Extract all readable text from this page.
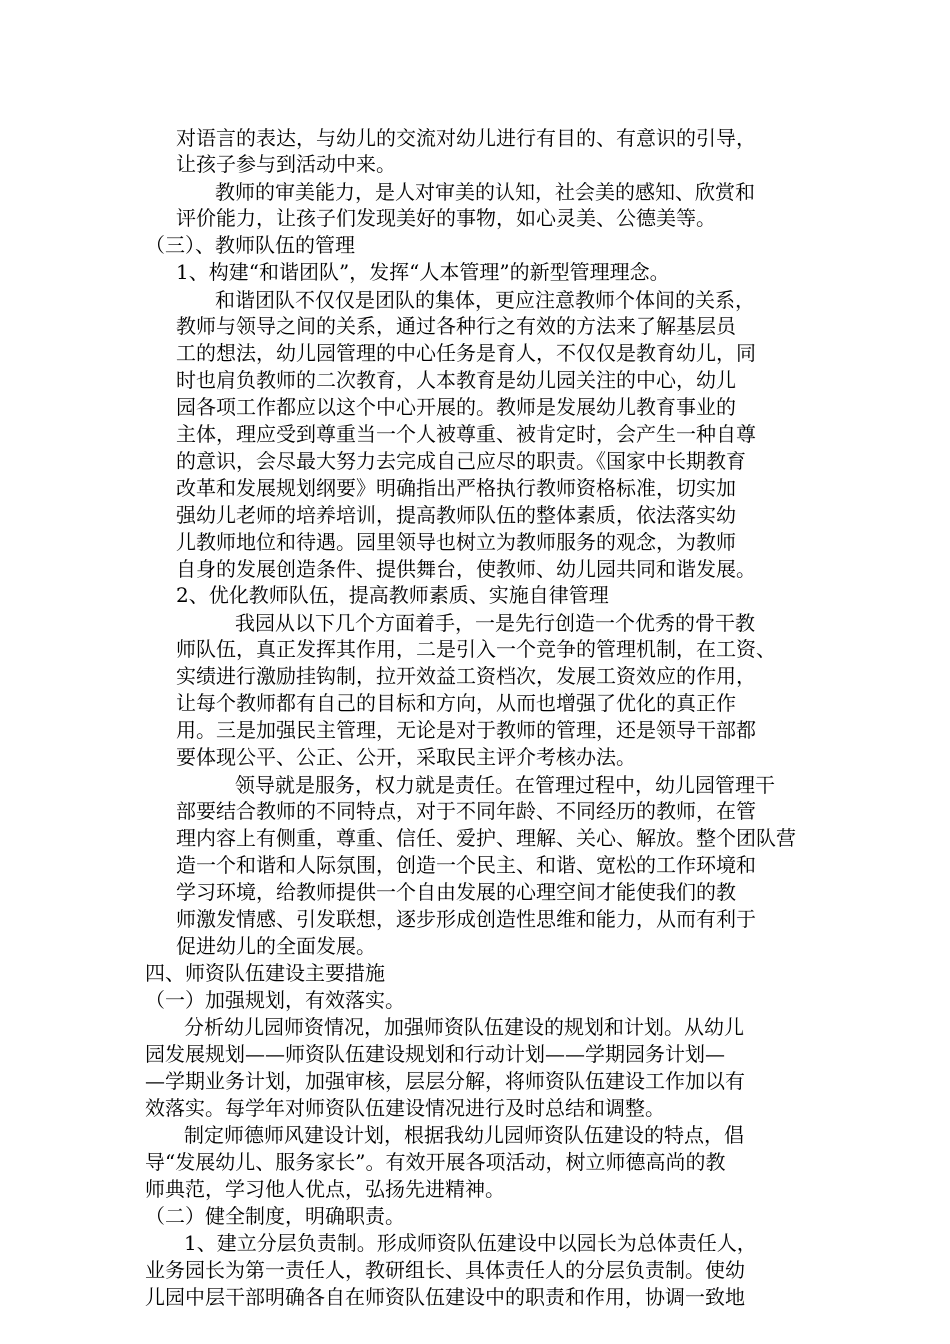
对语言的表达，与幼儿的交流对幼儿进行有目的、有意识的引导，
让孩子参与到活动中来。
教师的审美能力，是人对审美的认知，社会美的感知、欣赏和
评价能力，让孩子们发现美好的事物，如心灵美、公德美等。
（三）、教师队伍的管理
1、构建“和谐团队”，发挥“人本管理”的新型管理理念。
和谐团队不仅仅是团队的集体，更应注意教师个体间的关系，
教师与领导之间的关系，通过各种行之有效的方法来了解基层员
工的想法，幼儿园管理的中心任务是育人，不仅仅是教育幼儿，同
时也肩负教师的二次教育，人本教育是幼儿园关注的中心，幼儿
园各项工作都应以这个中心开展的。教师是发展幼儿教育事业的
主体，理应受到尊重当一个人被尊重、被肯定时，会产生一种自尊
的意识，会尽最大努力去完成自己应尽的职责。《国家中长期教育
改革和发展规划纲要》明确指出严格执行教师资格标准，切实加
强幼儿老师的培养培训，提高教师队伍的整体素质，依法落实幼
儿教师地位和待遇。园里领导也树立为教师服务的观念，为教师
自身的发展创造条件、提供舞台，使教师、幼儿园共同和谐发展。
2、优化教师队伍，提高教师素质、实施自律管理
我园从以下几个方面着手，一是先行创造一个优秀的骨干教
师队伍，真正发挥其作用，二是引入一个竞争的管理机制，在工资、
实绩进行激励挂钩制，拉开效益工资档次，发展工资效应的作用，
让每个教师都有自己的目标和方向，从而也增强了优化的真正作
用。三是加强民主管理，无论是对于教师的管理，还是领导干部都
要体现公平、公正、公开，采取民主评介考核办法。
领导就是服务，权力就是责任。在管理过程中，幼儿园管理干
部要结合教师的不同特点，对于不同年龄、不同经历的教师，在管
理内容上有侧重，尊重、信任、爱护、理解、关心、解放。整个团队营
造一个和谐和人际氛围，创造一个民主、和谐、宽松的工作环境和
学习环境，给教师提供一个自由发展的心理空间才能使我们的教
师激发情感、引发联想，逐步形成创造性思维和能力，从而有利于
促进幼儿的全面发展。
四、师资队伍建设主要措施
（一）加强规划，有效落实。
分析幼儿园师资情况，加强师资队伍建设的规划和计划。从幼儿
园发展规划——师资队伍建设规划和行动计划——学期园务计划—
—学期业务计划，加强审核，层层分解，将师资队伍建设工作加以有
效落实。每学年对师资队伍建设情况进行及时总结和调整。
制定师德师风建设计划，根据我幼儿园师资队伍建设的特点，倡
导“发展幼儿、服务家长”。有效开展各项活动，树立师德高尚的教
师典范，学习他人优点，弘扬先进精神。
（二）健全制度，明确职责。
1、建立分层负责制。形成师资队伍建设中以园长为总体责任人，
业务园长为第一责任人，教研组长、具体责任人的分层负责制。使幼
儿园中层干部明确各自在师资队伍建设中的职责和作用，协调一致地
